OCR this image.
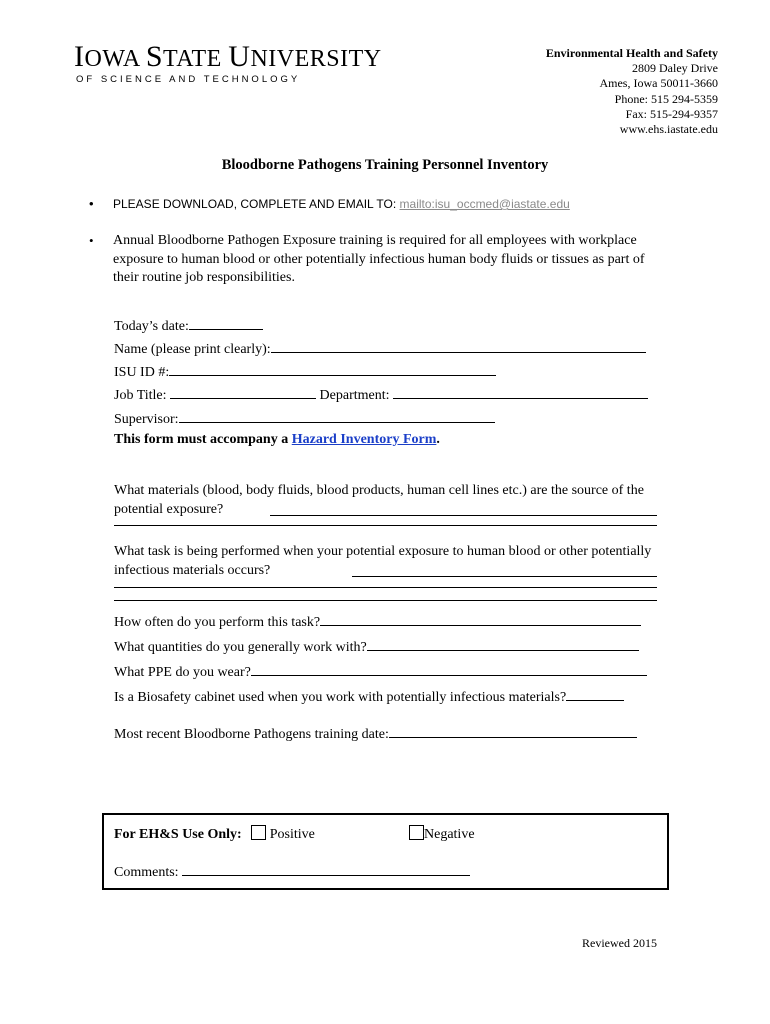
IOWA STATE UNIVERSITY
OF SCIENCE AND TECHNOLOGY
Environmental Health and Safety
2809 Daley Drive
Ames, Iowa 50011-3660
Phone: 515 294-5359
Fax: 515-294-9357
www.ehs.iastate.edu
Bloodborne Pathogens Training Personnel Inventory
• PLEASE DOWNLOAD, COMPLETE AND EMAIL TO: mailto:isu_occmed@iastate.edu
• Annual Bloodborne Pathogen Exposure training is required for all employees with workplace exposure to human blood or other potentially infectious human body fluids or tissues as part of their routine job responsibilities.
Today’s date:
Name (please print clearly):
ISU ID #:
Job Title:	Department:
Supervisor:
This form must accompany a Hazard Inventory Form .
What materials (blood, body fluids, blood products, human cell lines etc.) are the source of the potential exposure?
What task is being performed when your potential exposure to human blood or other potentially infectious materials occurs?
How often do you perform this task?
What quantities do you generally work with?
What PPE do you wear?
Is a Biosafety cabinet used when you work with potentially infectious materials?
Most recent Bloodborne Pathogens training date:
For EH&S Use Only: Positive	Negative
Comments:
Reviewed 2015
